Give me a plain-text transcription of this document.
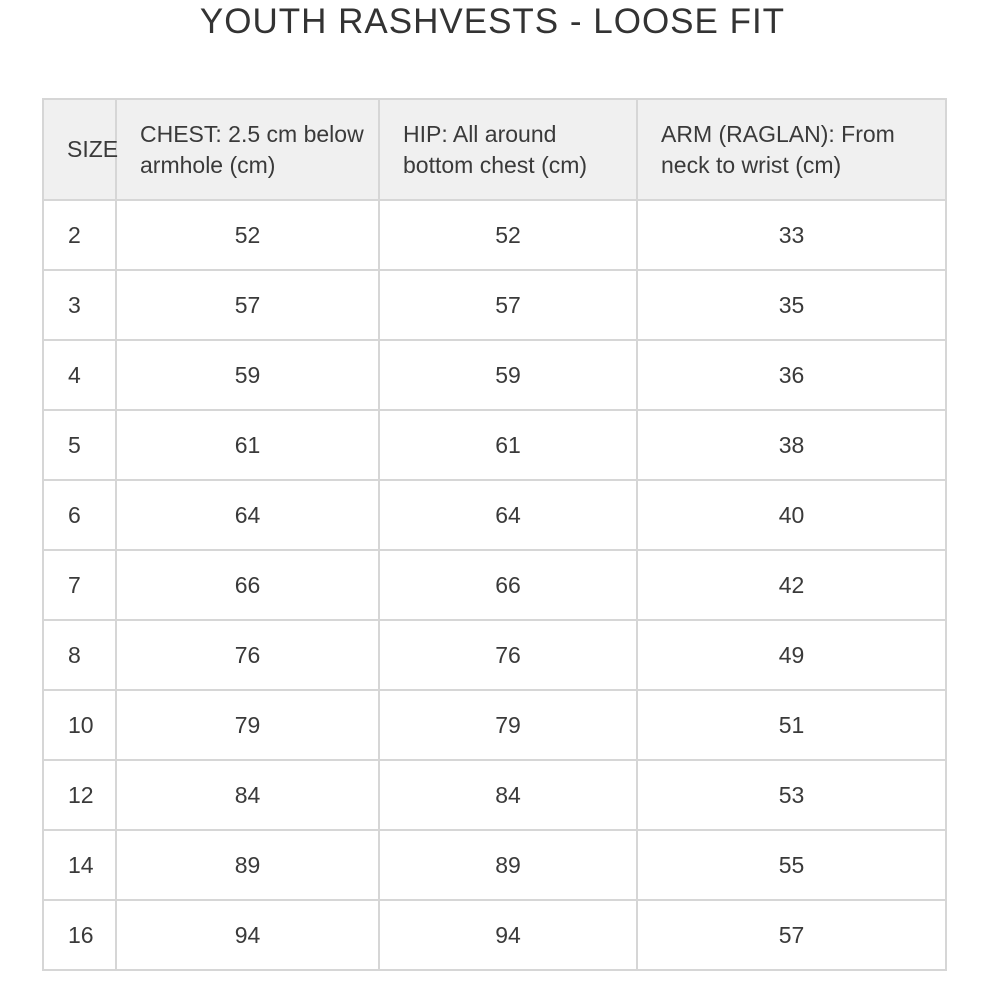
YOUTH RASHVESTS - LOOSE FIT
SIZE	CHEST: 2.5 cm below armhole (cm)	HIP: All around bottom chest (cm)	ARM (RAGLAN): From neck to wrist (cm)
2	52	52	33
3	57	57	35
4	59	59	36
5	61	61	38
6	64	64	40
7	66	66	42
8	76	76	49
10	79	79	51
12	84	84	53
14	89	89	55
16	94	94	57
